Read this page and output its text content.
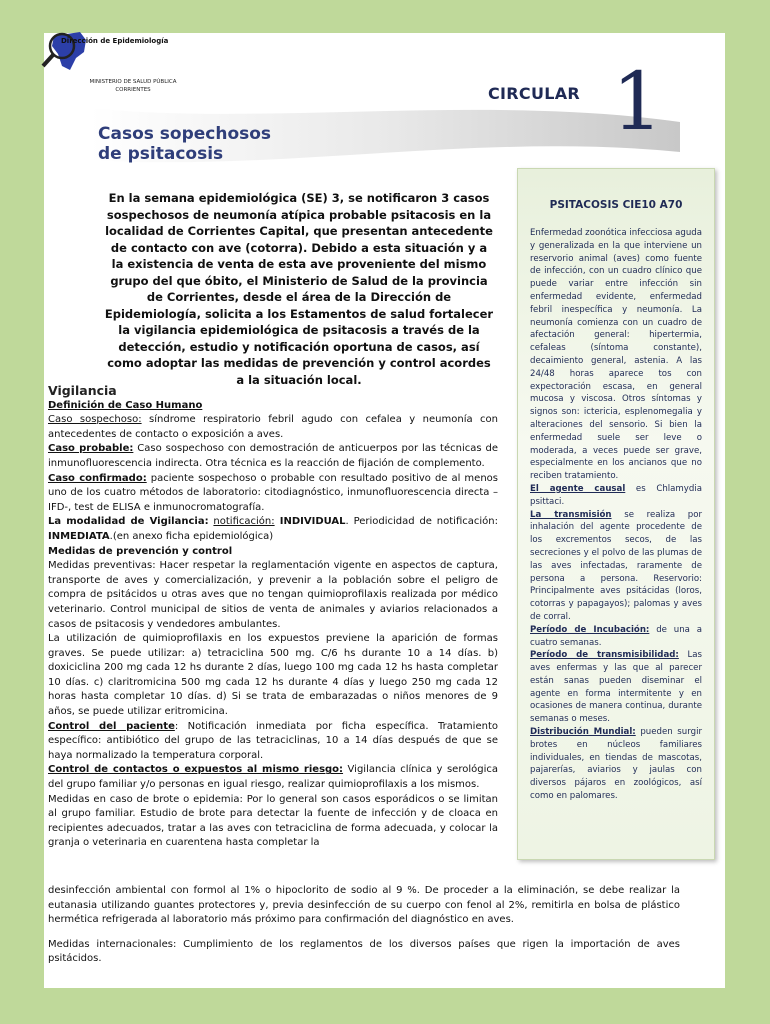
Dirección de Epidemiología
MINISTERIO DE SALUD PÚBLICA CORRIENTES	CIRCULAR 1
Casos sopechosos
de psitacosis
En la semana epidemiológica (SE) 3, se notificaron 3 casos sospechosos de neumonía atípica probable psitacosis en la localidad de Corrientes Capital, que presentan antecedente de contacto con ave (cotorra). Debido a esta situación y a la existencia de venta de esta ave proveniente del mismo grupo del que óbito, el Ministerio de Salud de la provincia de Corrientes, desde el área de la Dirección de Epidemiología, solicita a los Estamentos de salud fortalecer la vigilancia epidemiológica de psitacosis a través de la detección, estudio y notificación oportuna de casos, así como adoptar las medidas de prevención y control acordes a la situación local.
Vigilancia
Definición de Caso Humano

Caso sospechoso: síndrome respiratorio febril agudo con cefalea y neumonía con antecedentes de contacto o exposición a aves.

Caso probable: Caso sospechoso con demostración de anticuerpos por las técnicas de inmunofluorescencia indirecta. Otra técnica es la reacción de fijación de complemento.

Caso confirmado: paciente sospechoso o probable con resultado positivo de al menos uno de los cuatro métodos de laboratorio: citodiagnóstico, inmunofluorescencia directa –IFD-, test de ELISA e inmunocromatografía.

La modalidad de Vigilancia: notificación: INDIVIDUAL. Periodicidad de notificación: INMEDIATA.(en anexo ficha epidemiológica)

Medidas de prevención y control

Medidas preventivas: Hacer respetar la reglamentación vigente en aspectos de captura, transporte de aves y comercialización, y prevenir a la población sobre el peligro de compra de psitácidos u otras aves que no tengan quimioprofilaxis realizada por médico veterinario. Control municipal de sitios de venta de animales y aviarios relacionados a casos de psitacosis y vendedores ambulantes.

La utilización de quimioprofilaxis en los expuestos previene la aparición de formas graves. Se puede utilizar: a) tetraciclina 500 mg. C/6 hs durante 10 a 14 días. b) doxiciclina 200 mg cada 12 hs durante 2 días, luego 100 mg cada 12 hs hasta completar 10 días. c) claritromicina 500 mg cada 12 hs durante 4 días y luego 250 mg cada 12 horas hasta completar 10 días. d) Si se trata de embarazadas o niños menores de 9 años, se puede utilizar eritromicina.

Control del paciente: Notificación inmediata por ficha específica. Tratamiento específico: antibiótico del grupo de las tetraciclinas, 10 a 14 días después de que se haya normalizado la temperatura corporal.

Control de contactos o expuestos al mismo riesgo: Vigilancia clínica y serológica del grupo familiar y/o personas en igual riesgo, realizar quimioprofilaxis a los mismos.

Medidas en caso de brote o epidemia: Por lo general son casos esporádicos o se limitan al grupo familiar. Estudio de brote para detectar la fuente de infección y de cloaca en recipientes adecuados, tratar a las aves con tetraciclina de forma adecuada, y colocar la granja o veterinaria en cuarentena hasta completar la

desinfección ambiental con formol al 1% o hipoclorito de sodio al 9 %. De proceder a la eliminación, se debe realizar la eutanasia utilizando guantes protectores y, previa desinfección de su cuerpo con fenol al 2%, remitirla en bolsa de plástico hermética refrigerada al laboratorio más próximo para confirmación del diagnóstico en aves.

Medidas internacionales: Cumplimiento de los reglamentos de los diversos países que rigen la importación de aves psitácidos.

PSITACOSIS CIE10 A70

Enfermedad zoonótica infecciosa aguda y generalizada en la que interviene un reservorio animal (aves) como fuente de infección, con un cuadro clínico que puede variar entre infección sin enfermedad evidente, enfermedad febril inespecífica y neumonía. La neumonía comienza con un cuadro de afectación general: hipertermia, cefaleas (síntoma constante), decaimiento general, astenia. A las 24/48 horas aparece tos con expectoración escasa, en general mucosa y viscosa. Otros síntomas y signos son: ictericia, esplenomegalia y alteraciones del sensorio. Si bien la enfermedad suele ser leve o moderada, a veces puede ser grave, especialmente en los ancianos que no reciben tratamiento.

El agente causal es Chlamydia psittaci.

La transmisión se realiza por inhalación del agente procedente de los excrementos secos, de las secreciones y el polvo de las plumas de las aves infectadas, raramente de persona a persona. Reservorio: Principalmente aves psitácidas (loros, cotorras y papagayos); palomas y aves de corral.

Período de Incubación: de una a cuatro semanas.

Período de transmisibilidad: Las aves enfermas y las que al parecer están sanas pueden diseminar el agente en forma intermitente y en ocasiones de manera continua, durante semanas o meses.

Distribución Mundial: pueden surgir brotes en núcleos familiares individuales, en tiendas de mascotas, pajarerías, aviarios y jaulas con diversos pájaros en zoológicos, así como en palomares.
